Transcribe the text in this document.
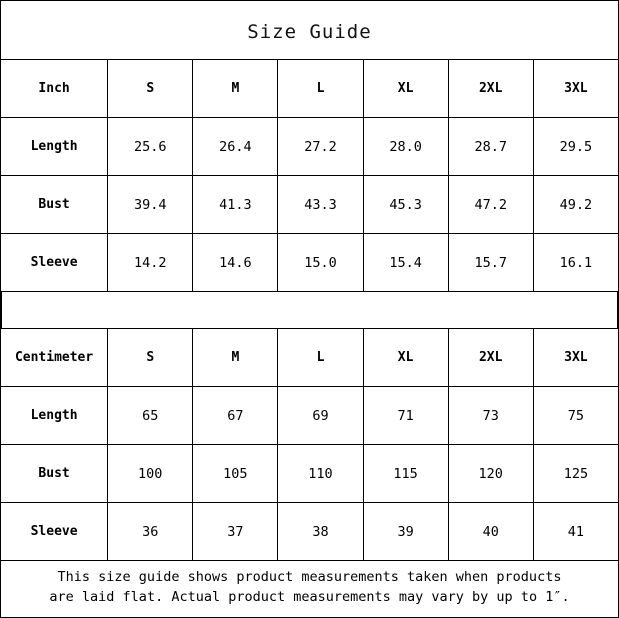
Size Guide
Inch	S	M	L	XL	2XL	3XL
Length	25.6	26.4	27.2	28.0	28.7	29.5
Bust	39.4	41.3	43.3	45.3	47.2	49.2
Sleeve	14.2	14.6	15.0	15.4	15.7	16.1
Centimeter	S	M	L	XL	2XL	3XL
Length	65	67	69	71	73	75
Bust	100	105	110	115	120	125
Sleeve	36	37	38	39	40	41
This size guide shows product measurements taken when products
are laid flat. Actual product measurements may vary by up to 1″.
